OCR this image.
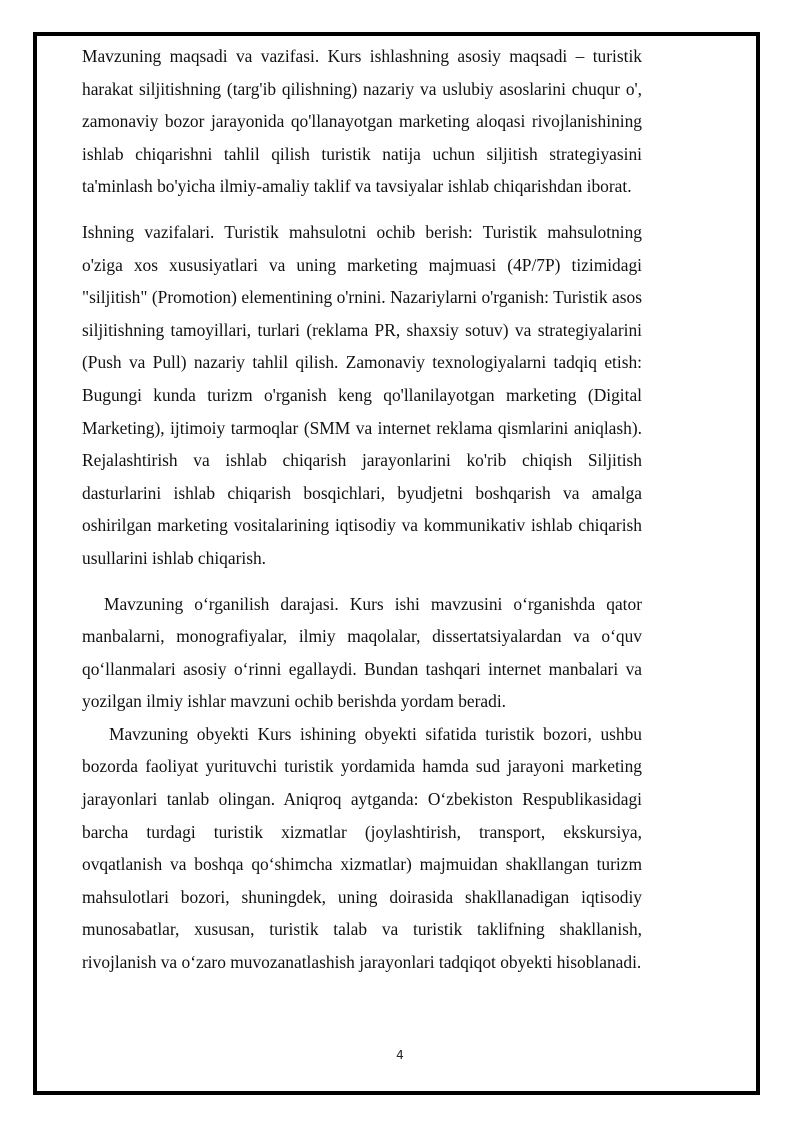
Mavzuning maqsadi va vazifasi. Kurs ishlashning asosiy maqsadi – turistik harakat siljitishning (targ'ib qilishning) nazariy va uslubiy asoslarini chuqur o', zamonaviy bozor jarayonida qo'llanayotgan marketing aloqasi rivojlanishining ishlab chiqarishni tahlil qilish turistik natija uchun siljitish strategiyasini ta'minlash bo'yicha ilmiy-amaliy taklif va tavsiyalar ishlab chiqarishdan iborat.

Ishning vazifalari. Turistik mahsulotni ochib berish: Turistik mahsulotning o'ziga xos xususiyatlari va uning marketing majmuasi (4P/7P) tizimidagi "siljitish" (Promotion) elementining o'rnini. Nazariylarni o'rganish: Turistik asos siljitishning tamoyillari, turlari (reklama PR, shaxsiy sotuv) va strategiyalarini (Push va Pull) nazariy tahlil qilish. Zamonaviy texnologiyalarni tadqiq etish: Bugungi kunda turizm o'rganish keng qo'llanilayotgan marketing (Digital Marketing), ijtimoiy tarmoqlar (SMM va internet reklama qismlarini aniqlash). Rejalashtirish va ishlab chiqarish jarayonlarini ko'rib chiqish Siljitish dasturlarini ishlab chiqarish bosqichlari, byudjetni boshqarish va amalga oshirilgan marketing vositalarining iqtisodiy va kommunikativ ishlab chiqarish usullarini ishlab chiqarish.

Mavzuning o‘rganilish darajasi. Kurs ishi mavzusini o‘rganishda qator manbalarni, monografiyalar, ilmiy maqolalar, dissertatsiyalardan va o‘quv qo‘llanmalari asosiy o‘rinni egallaydi. Bundan tashqari internet manbalari va yozilgan ilmiy ishlar mavzuni ochib berishda yordam beradi.

Mavzuning obyekti Kurs ishining obyekti sifatida turistik bozori, ushbu bozorda faoliyat yurituvchi turistik yordamida hamda sud jarayoni marketing jarayonlari tanlab olingan. Aniqroq aytganda: O‘zbekiston Respublikasidagi barcha turdagi turistik xizmatlar (joylashtirish, transport, ekskursiya, ovqatlanish va boshqa qo‘shimcha xizmatlar) majmuidan shakllangan turizm mahsulotlari bozori, shuningdek, uning doirasida shakllanadigan iqtisodiy munosabatlar, xususan, turistik talab va turistik taklifning shakllanish, rivojlanish va o‘zaro muvozanatlashish jarayonlari tadqiqot obyekti hisoblanadi.

4
